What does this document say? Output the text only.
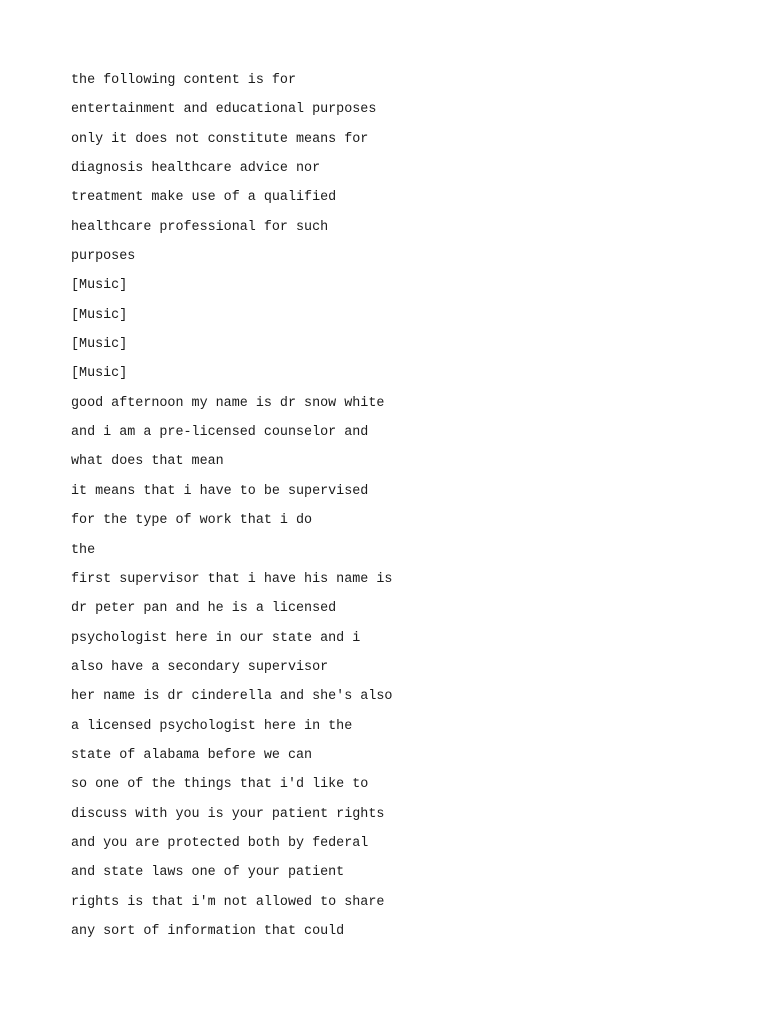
the following content is for

entertainment and educational purposes

only it does not constitute means for

diagnosis healthcare advice nor

treatment make use of a qualified

healthcare professional for such

purposes

[Music]

[Music]

[Music]

[Music]

good afternoon my name is dr snow white

and i am a pre-licensed counselor and

what does that mean

it means that i have to be supervised

for the type of work that i do

the

first supervisor that i have his name is

dr peter pan and he is a licensed

psychologist here in our state and i

also have a secondary supervisor

her name is dr cinderella and she's also

a licensed psychologist here in the

state of alabama before we can

so one of the things that i'd like to

discuss with you is your patient rights

and you are protected both by federal

and state laws one of your patient

rights is that i'm not allowed to share

any sort of information that could
